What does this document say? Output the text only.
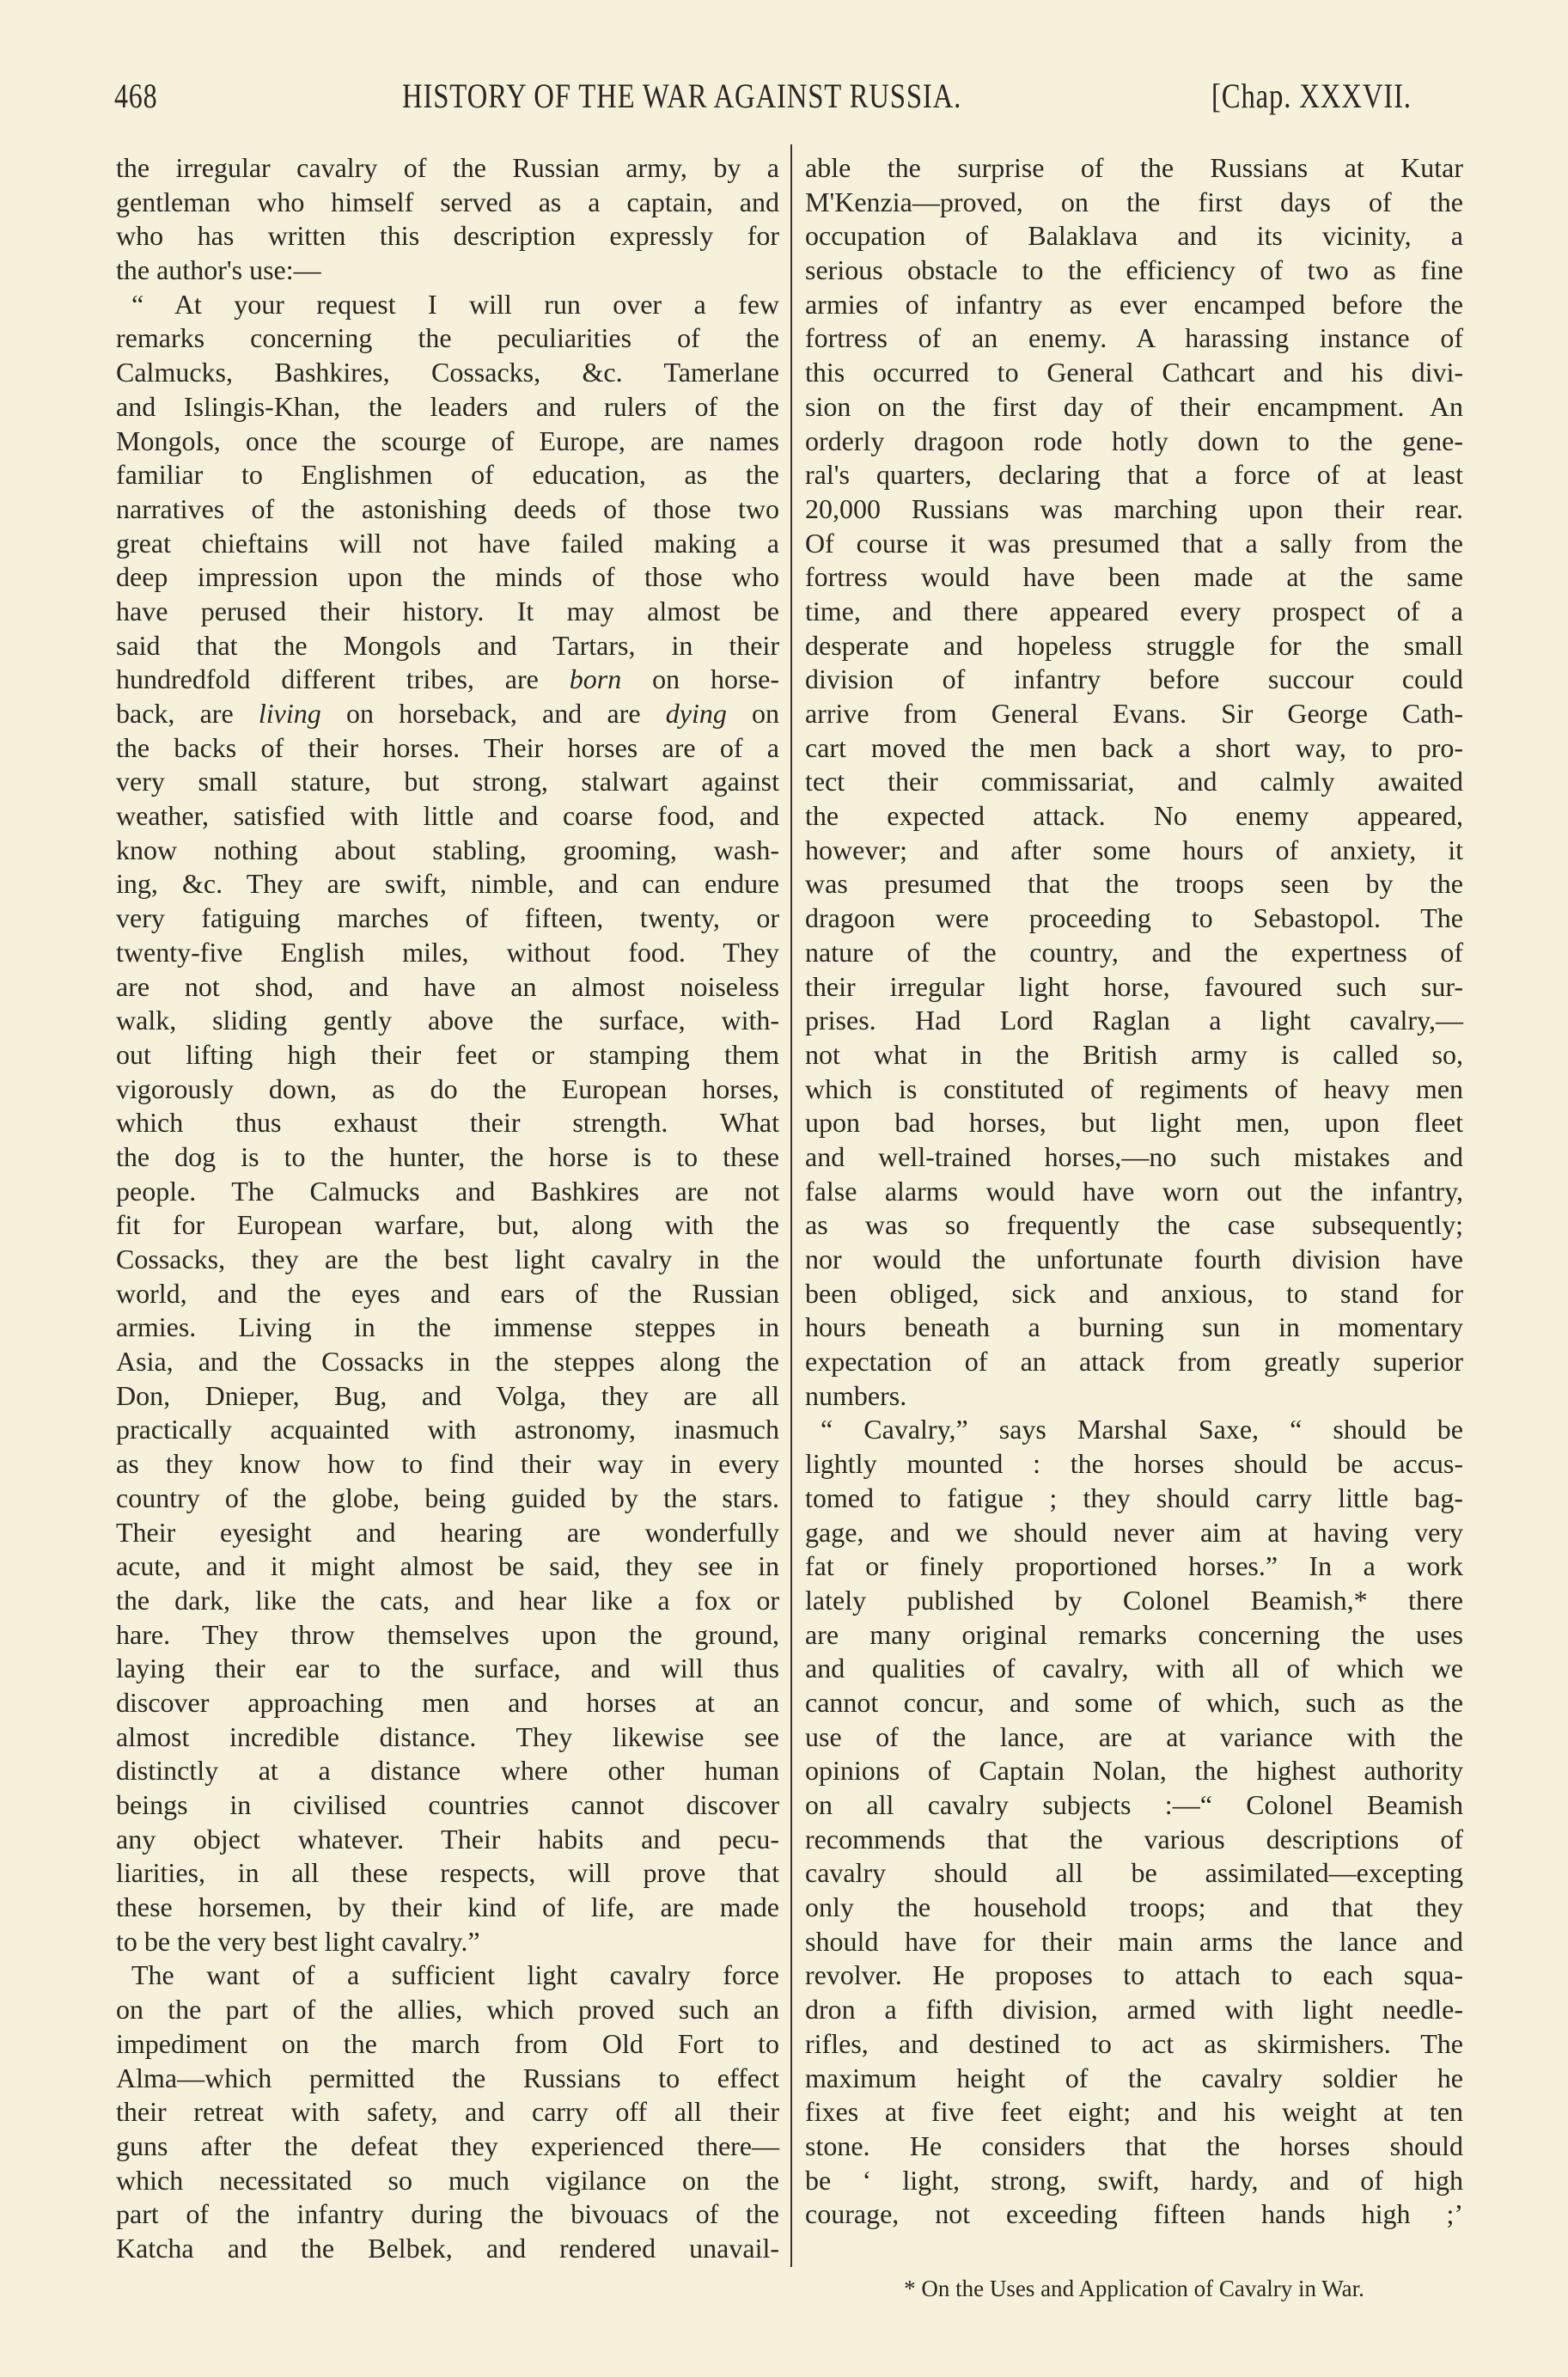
468	HISTORY OF THE WAR AGAINST RUSSIA.	[Chap. XXXVII.
the irregular cavalry of the Russian army, by a
gentleman who himself served as a captain, and
who has written this description expressly for
the author's use:—
“ At your request I will run over a few
remarks concerning the peculiarities of the
Calmucks, Bashkires, Cossacks, &c. Tamerlane
and Islingis-Khan, the leaders and rulers of the
Mongols, once the scourge of Europe, are names
familiar to Englishmen of education, as the
narratives of the astonishing deeds of those two
great chieftains will not have failed making a
deep impression upon the minds of those who
have perused their history. It may almost be
said that the Mongols and Tartars, in their
hundredfold different tribes, are born on horse-
back, are living on horseback, and are dying on
the backs of their horses. Their horses are of a
very small stature, but strong, stalwart against
weather, satisfied with little and coarse food, and
know nothing about stabling, grooming, wash-
ing, &c. They are swift, nimble, and can endure
very fatiguing marches of fifteen, twenty, or
twenty-five English miles, without food. They
are not shod, and have an almost noiseless
walk, sliding gently above the surface, with-
out lifting high their feet or stamping them
vigorously down, as do the European horses,
which thus exhaust their strength. What
the dog is to the hunter, the horse is to these
people. The Calmucks and Bashkires are not
fit for European warfare, but, along with the
Cossacks, they are the best light cavalry in the
world, and the eyes and ears of the Russian
armies. Living in the immense steppes in
Asia, and the Cossacks in the steppes along the
Don, Dnieper, Bug, and Volga, they are all
practically acquainted with astronomy, inasmuch
as they know how to find their way in every
country of the globe, being guided by the stars.
Their eyesight and hearing are wonderfully
acute, and it might almost be said, they see in
the dark, like the cats, and hear like a fox or
hare. They throw themselves upon the ground,
laying their ear to the surface, and will thus
discover approaching men and horses at an
almost incredible distance. They likewise see
distinctly at a distance where other human
beings in civilised countries cannot discover
any object whatever. Their habits and pecu-
liarities, in all these respects, will prove that
these horsemen, by their kind of life, are made
to be the very best light cavalry.”
The want of a sufficient light cavalry force
on the part of the allies, which proved such an
impediment on the march from Old Fort to
Alma—which permitted the Russians to effect
their retreat with safety, and carry off all their
guns after the defeat they experienced there—
which necessitated so much vigilance on the
part of the infantry during the bivouacs of the
Katcha and the Belbek, and rendered unavail-
able the surprise of the Russians at Kutar
M'Kenzia—proved, on the first days of the
occupation of Balaklava and its vicinity, a
serious obstacle to the efficiency of two as fine
armies of infantry as ever encamped before the
fortress of an enemy. A harassing instance of
this occurred to General Cathcart and his divi-
sion on the first day of their encampment. An
orderly dragoon rode hotly down to the gene-
ral's quarters, declaring that a force of at least
20,000 Russians was marching upon their rear.
Of course it was presumed that a sally from the
fortress would have been made at the same
time, and there appeared every prospect of a
desperate and hopeless struggle for the small
division of infantry before succour could
arrive from General Evans. Sir George Cath-
cart moved the men back a short way, to pro-
tect their commissariat, and calmly awaited
the expected attack. No enemy appeared,
however; and after some hours of anxiety, it
was presumed that the troops seen by the
dragoon were proceeding to Sebastopol. The
nature of the country, and the expertness of
their irregular light horse, favoured such sur-
prises. Had Lord Raglan a light cavalry,—
not what in the British army is called so,
which is constituted of regiments of heavy men
upon bad horses, but light men, upon fleet
and well-trained horses,—no such mistakes and
false alarms would have worn out the infantry,
as was so frequently the case subsequently;
nor would the unfortunate fourth division have
been obliged, sick and anxious, to stand for
hours beneath a burning sun in momentary
expectation of an attack from greatly superior
numbers.
“ Cavalry,” says Marshal Saxe, “ should be
lightly mounted : the horses should be accus-
tomed to fatigue ; they should carry little bag-
gage, and we should never aim at having very
fat or finely proportioned horses.” In a work
lately published by Colonel Beamish,* there
are many original remarks concerning the uses
and qualities of cavalry, with all of which we
cannot concur, and some of which, such as the
use of the lance, are at variance with the
opinions of Captain Nolan, the highest authority
on all cavalry subjects :—“ Colonel Beamish
recommends that the various descriptions of
cavalry should all be assimilated—excepting
only the household troops; and that they
should have for their main arms the lance and
revolver. He proposes to attach to each squa-
dron a fifth division, armed with light needle-
rifles, and destined to act as skirmishers. The
maximum height of the cavalry soldier he
fixes at five feet eight; and his weight at ten
stone. He considers that the horses should
be ‘ light, strong, swift, hardy, and of high
courage, not exceeding fifteen hands high ;’
* On the Uses and Application of Cavalry in War.
